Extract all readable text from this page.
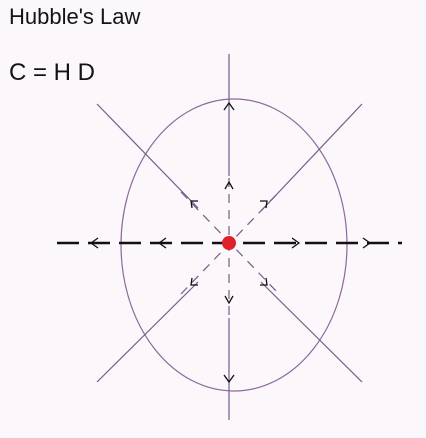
Hubble's Law
C = H D
